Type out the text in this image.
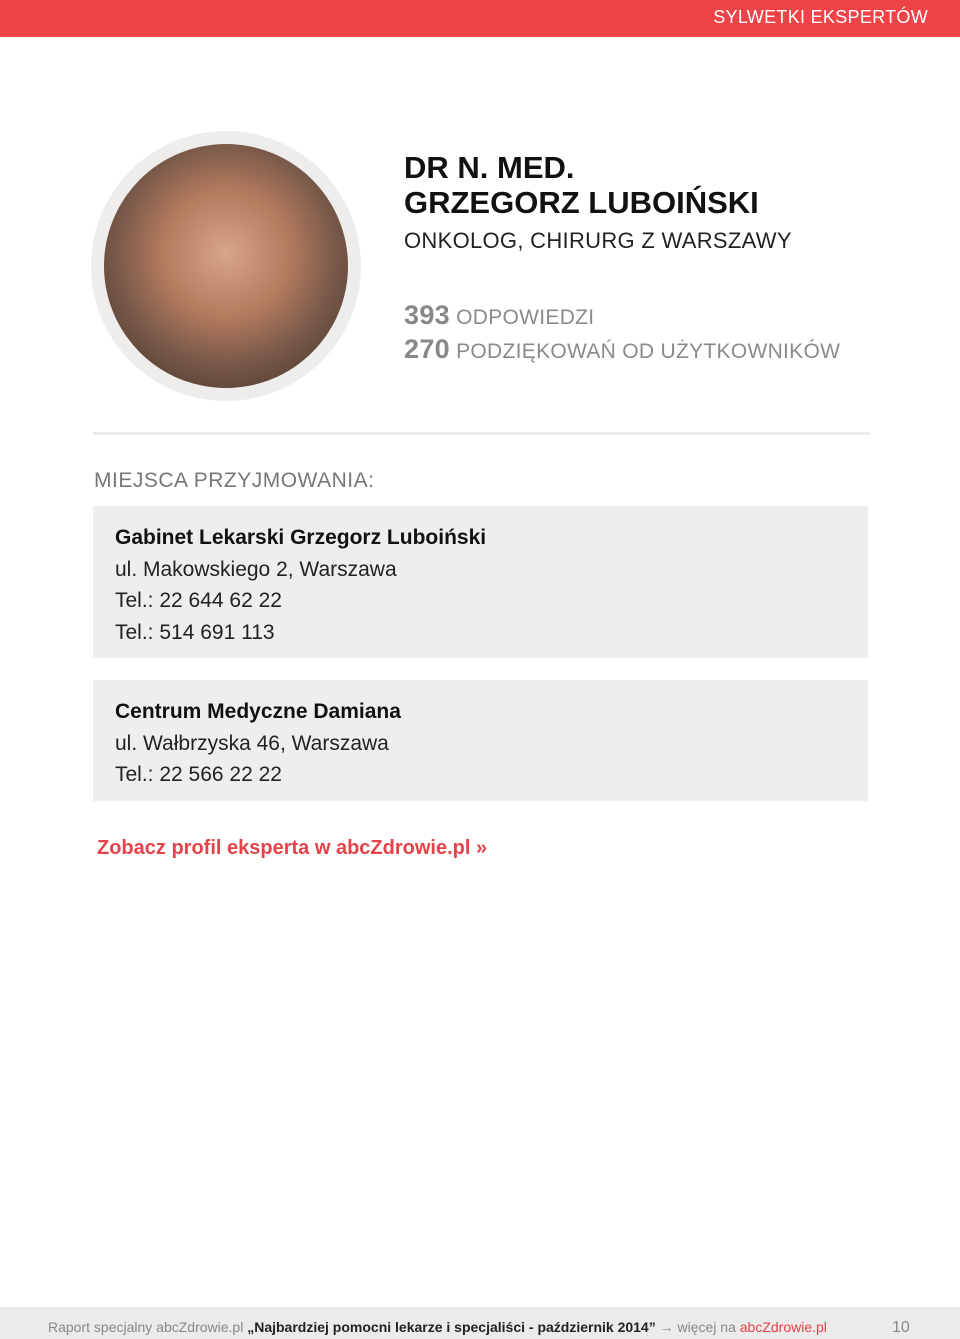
SYLWETKI EKSPERTÓW
DR N. MED.
GRZEGORZ LUBOIŃSKI
ONKOLOG, CHIRURG Z WARSZAWY
393 ODPOWIEDZI
270 PODZIĘKOWAŃ OD UŻYTKOWNIKÓW
MIEJSCA PRZYJMOWANIA:
Gabinet Lekarski Grzegorz Luboiński
ul. Makowskiego 2, Warszawa
Tel.: 22 644 62 22
Tel.: 514 691 113
Centrum Medyczne Damiana
ul. Wałbrzyska 46, Warszawa
Tel.: 22 566 22 22
Zobacz profil eksperta w abcZdrowie.pl »
Raport specjalny abcZdrowie.pl „Najbardziej pomocni lekarze i specjaliści - październik 2014” → więcej na abcZdrowie.pl	10
